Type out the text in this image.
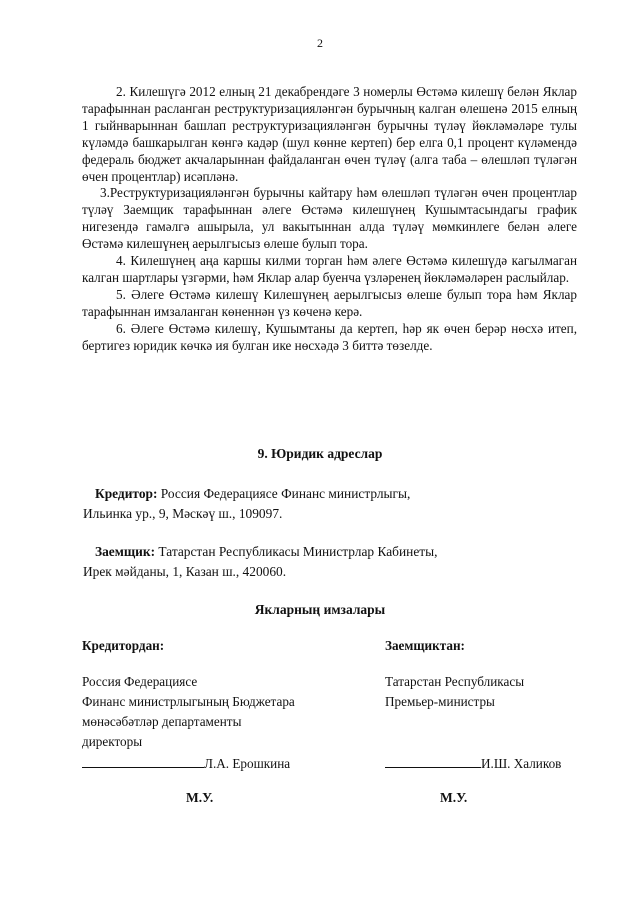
2

2. Килешүгә 2012 елның 21 декабрендәге 3 номерлы Өстәмә килешү белән Яклар тарафыннан расланган реструктуризацияләнгән бурычның калган өлешенә 2015 елның 1 гыйнварыннан башлап реструктуризацияләнгән бурычны түләү йөкләмәләре тулы күләмдә башкарылган көнгә кадәр (шул көнне кертеп) бер елга 0,1 процент күләмендә федераль бюджет акчаларыннан файдаланган өчен түләү (алга таба – өлешләп түләгән өчен процентлар) исәпләнә.

3.Реструктуризацияләнгән бурычны кайтару һәм өлешләп түләгән өчен процентлар түләү Заемщик тарафыннан әлеге Өстәмә килешүнең Кушымтасындагы график нигезендә гамәлгә ашырыла, ул вакытыннан алда түләү мөмкинлеге белән әлеге Өстәмә килешүнең аерылгысыз өлеше булып тора.

4. Килешүнең аңа каршы килми торган һәм әлеге Өстәмә килешүдә кагылмаган калган шартлары үзгәрми, һәм Яклар алар буенча үзләренең йөкләмәләрен раслыйлар.

5. Әлеге Өстәмә килешү Килешүнең аерылгысыз өлеше булып тора һәм Яклар тарафыннан имзаланган көненнән үз көченә керә.

6. Әлеге Өстәмә килешү, Кушымтаны да кертеп, һәр як өчен берәр нөсхә итеп, бертигез юридик көчкә ия булган ике нөсхәдә 3 биттә төзелде.

9. Юридик адреслар
Кредитор: Россия Федерациясе Финанс министрлыгы,
Ильинка ур., 9, Мәскәү ш., 109097.
Заемщик: Татарстан Республикасы Министрлар Кабинеты,
Ирек мәйданы, 1, Казан ш., 420060.
Якларның имзалары
Кредитордан:
Россия Федерациясе
Финанс министрлыгының Бюджетара
мөнәсәбәтләр департаменты
директоры
Л.А. Ерошкина
Заемщиктан:
Татарстан Республикасы
Премьер-министры
И.Ш. Халиков
М.У.	М.У.
